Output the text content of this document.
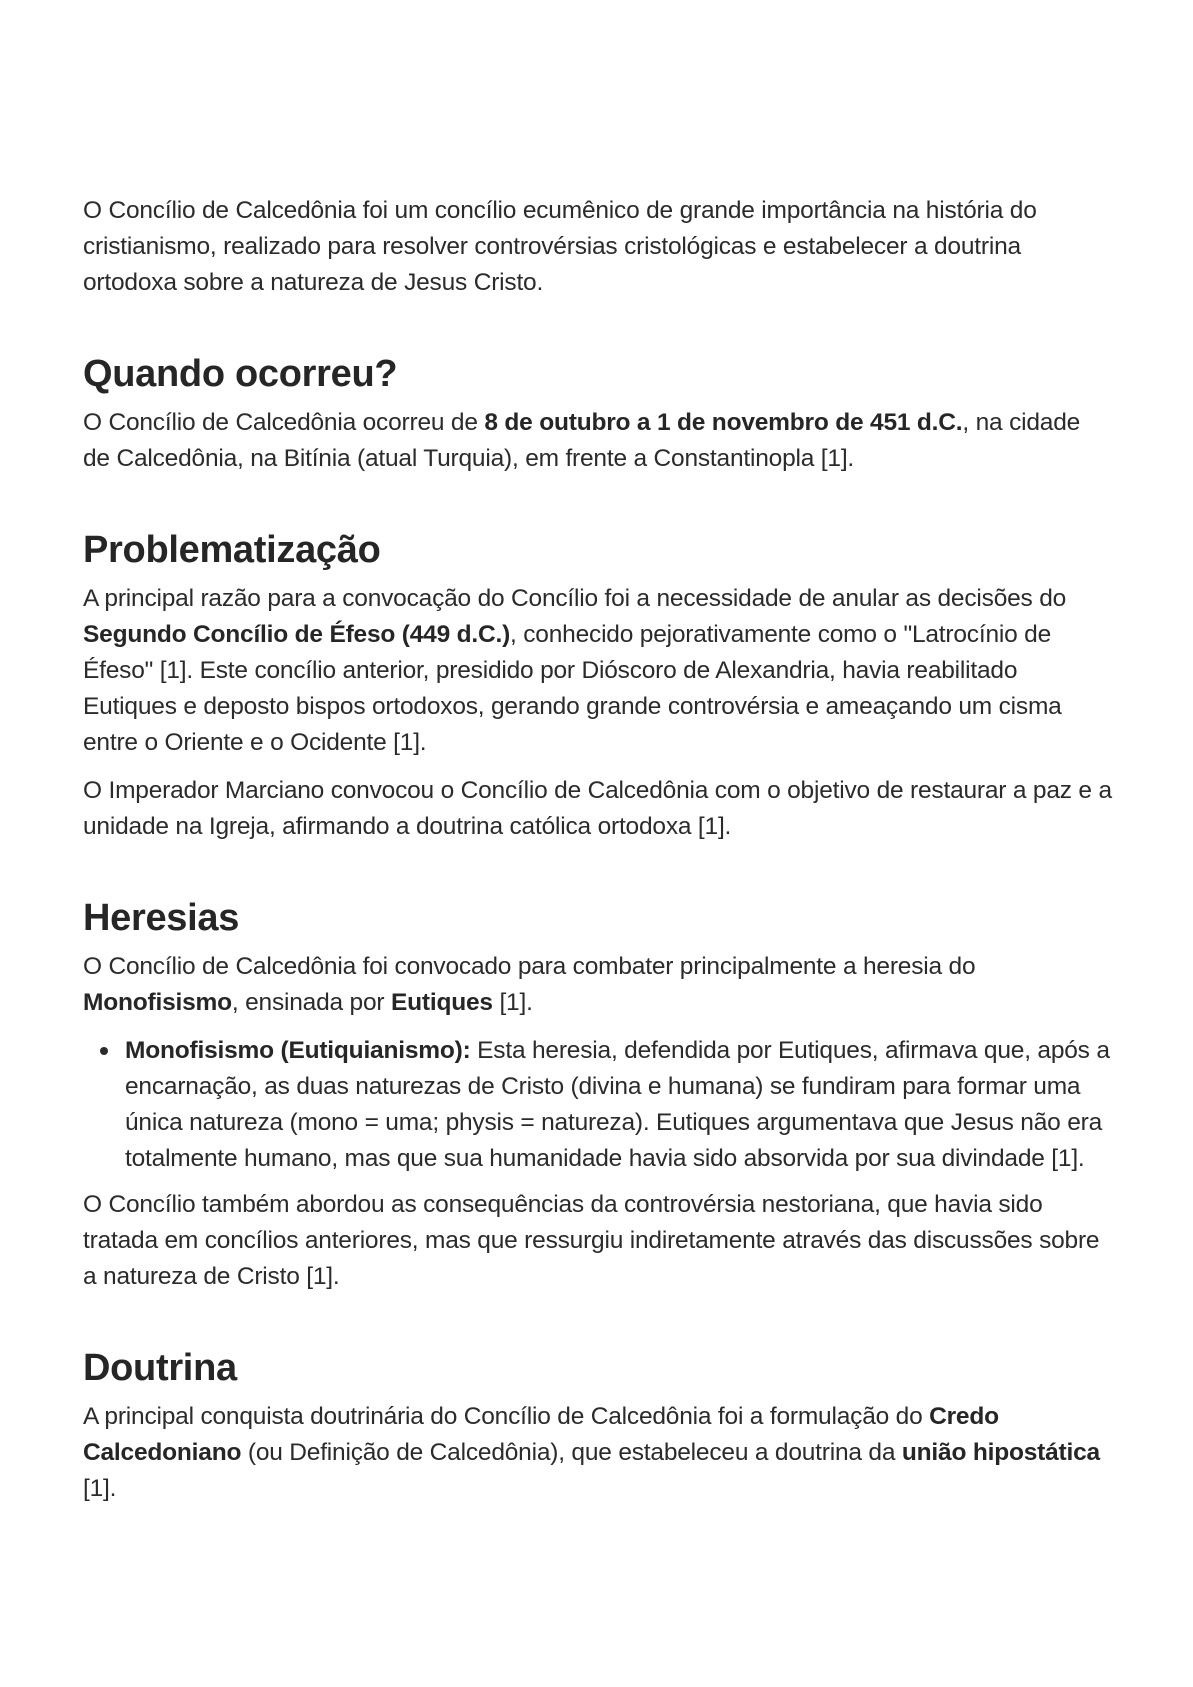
O Concílio de Calcedônia foi um concílio ecumênico de grande importância na história do cristianismo, realizado para resolver controvérsias cristológicas e estabelecer a doutrina ortodoxa sobre a natureza de Jesus Cristo.

Quando ocorreu?

O Concílio de Calcedônia ocorreu de 8 de outubro a 1 de novembro de 451 d.C., na cidade de Calcedônia, na Bitínia (atual Turquia), em frente a Constantinopla [1].

Problematização

A principal razão para a convocação do Concílio foi a necessidade de anular as decisões do Segundo Concílio de Éfeso (449 d.C.), conhecido pejorativamente como o "Latrocínio de Éfeso" [1]. Este concílio anterior, presidido por Dióscoro de Alexandria, havia reabilitado Eutiques e deposto bispos ortodoxos, gerando grande controvérsia e ameaçando um cisma entre o Oriente e o Ocidente [1].

O Imperador Marciano convocou o Concílio de Calcedônia com o objetivo de restaurar a paz e a unidade na Igreja, afirmando a doutrina católica ortodoxa [1].

Heresias

O Concílio de Calcedônia foi convocado para combater principalmente a heresia do Monofisismo, ensinada por Eutiques [1].

Monofisismo (Eutiquianismo): Esta heresia, defendida por Eutiques, afirmava que, após a encarnação, as duas naturezas de Cristo (divina e humana) se fundiram para formar uma única natureza (mono = uma; physis = natureza). Eutiques argumentava que Jesus não era totalmente humano, mas que sua humanidade havia sido absorvida por sua divindade [1].

O Concílio também abordou as consequências da controvérsia nestoriana, que havia sido tratada em concílios anteriores, mas que ressurgiu indiretamente através das discussões sobre a natureza de Cristo [1].

Doutrina

A principal conquista doutrinária do Concílio de Calcedônia foi a formulação do Credo Calcedoniano (ou Definição de Calcedônia), que estabeleceu a doutrina da união hipostática [1].
